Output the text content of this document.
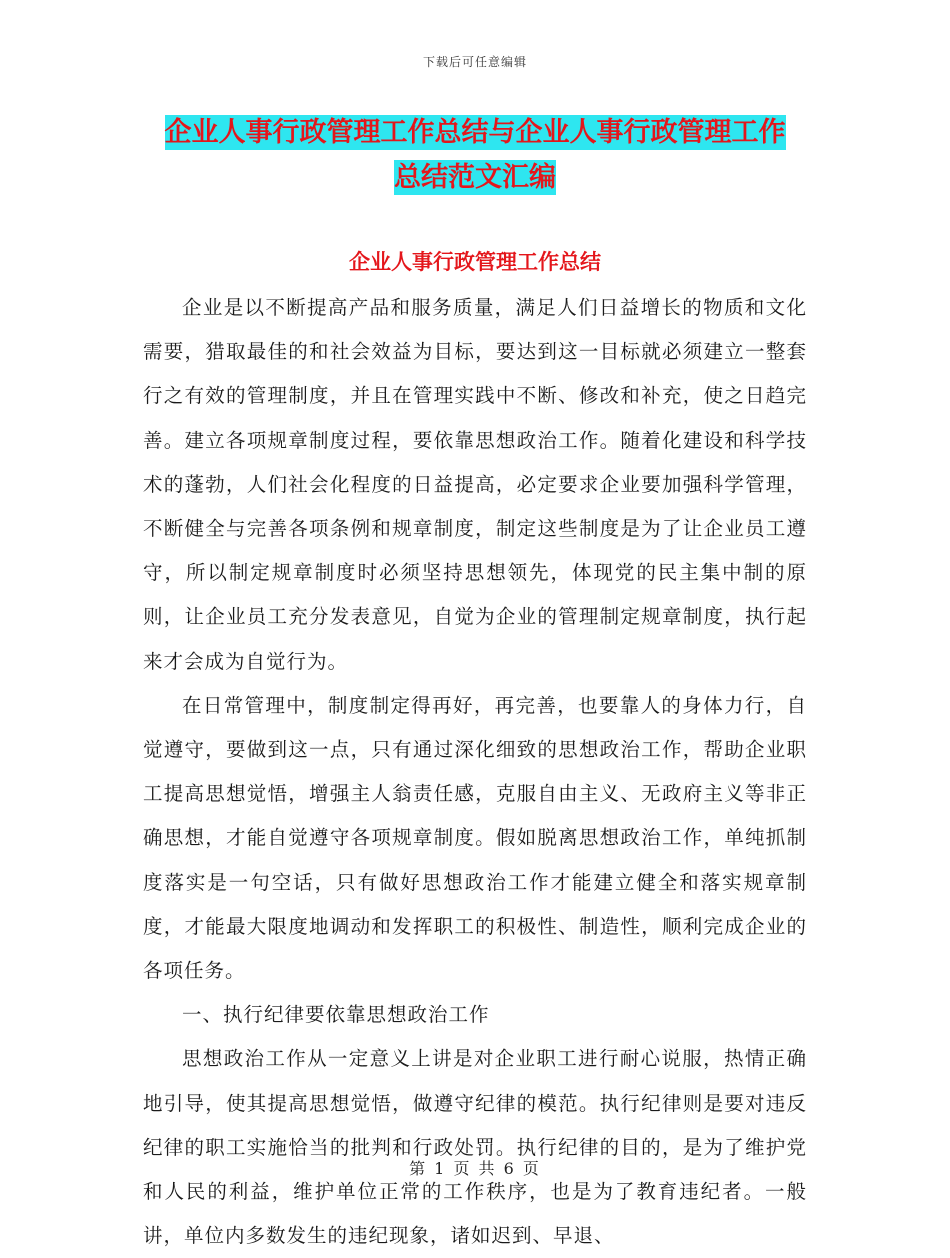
下载后可任意编辑
企业人事行政管理工作总结与企业人事行政管理工作
总结范文汇编
企业人事行政管理工作总结

企业是以不断提高产品和服务质量，满足人们日益增长的物质和文化需要，猎取最佳的和社会效益为目标，要达到这一目标就必须建立一整套行之有效的管理制度，并且在管理实践中不断、修改和补充，使之日趋完善。建立各项规章制度过程，要依靠思想政治工作。随着化建设和科学技术的蓬勃，人们社会化程度的日益提高，必定要求企业要加强科学管理，不断健全与完善各项条例和规章制度，制定这些制度是为了让企业员工遵守，所以制定规章制度时必须坚持思想领先，体现党的民主集中制的原则，让企业员工充分发表意见，自觉为企业的管理制定规章制度，执行起来才会成为自觉行为。

在日常管理中，制度制定得再好，再完善，也要靠人的身体力行，自觉遵守，要做到这一点，只有通过深化细致的思想政治工作，帮助企业职工提高思想觉悟，增强主人翁责任感，克服自由主义、无政府主义等非正确思想，才能自觉遵守各项规章制度。假如脱离思想政治工作，单纯抓制度落实是一句空话，只有做好思想政治工作才能建立健全和落实规章制度，才能最大限度地调动和发挥职工的积极性、制造性，顺利完成企业的各项任务。

一、执行纪律要依靠思想政治工作

思想政治工作从一定意义上讲是对企业职工进行耐心说服，热情正确地引导，使其提高思想觉悟，做遵守纪律的模范。执行纪律则是要对违反纪律的职工实施恰当的批判和行政处罚。执行纪律的目的，是为了维护党和人民的利益，维护单位正常的工作秩序，也是为了教育违纪者。一般讲，单位内多数发生的违纪现象，诸如迟到、早退、

第 1 页 共 6 页
